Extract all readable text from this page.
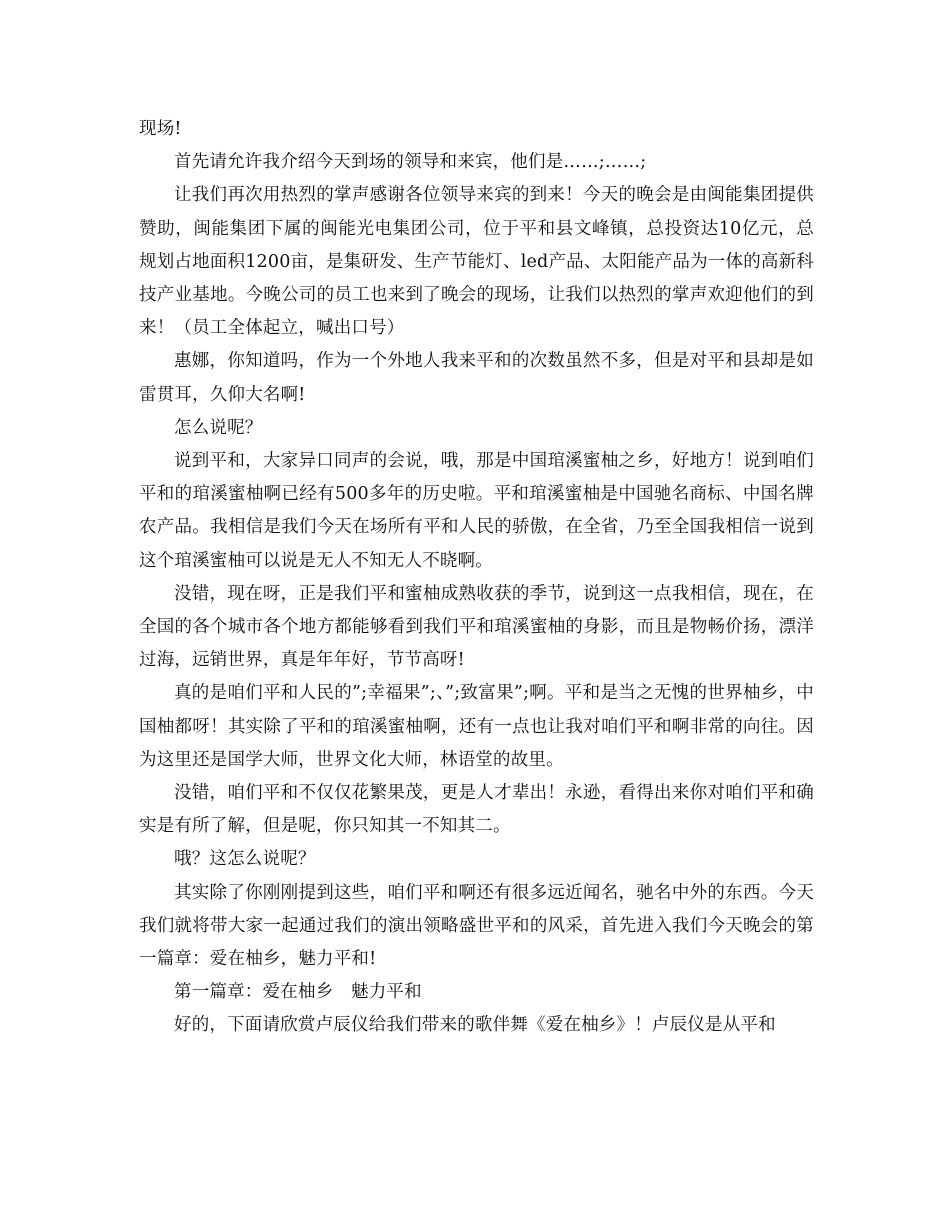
现场!

首先请允许我介绍今天到场的领导和来宾，他们是……;……;

让我们再次用热烈的掌声感谢各位领导来宾的到来！今天的晚会是由闽能集团提供赞助，闽能集团下属的闽能光电集团公司，位于平和县文峰镇，总投资达10亿元，总规划占地面积1200亩，是集研发、生产节能灯、led产品、太阳能产品为一体的高新科技产业基地。今晚公司的员工也来到了晚会的现场，让我们以热烈的掌声欢迎他们的到来！（员工全体起立，喊出口号）

惠娜，你知道吗，作为一个外地人我来平和的次数虽然不多，但是对平和县却是如雷贯耳，久仰大名啊!

怎么说呢？

说到平和，大家异口同声的会说，哦，那是中国琯溪蜜柚之乡，好地方！说到咱们平和的琯溪蜜柚啊已经有500多年的历史啦。平和琯溪蜜柚是中国驰名商标、中国名牌农产品。我相信是我们今天在场所有平和人民的骄傲，在全省，乃至全国我相信一说到这个琯溪蜜柚可以说是无人不知无人不晓啊。

没错，现在呀，正是我们平和蜜柚成熟收获的季节，说到这一点我相信，现在，在全国的各个城市各个地方都能够看到我们平和琯溪蜜柚的身影，而且是物畅价扬，漂洋过海，远销世界，真是年年好，节节高呀!

真的是咱们平和人民的”;幸福果”;、”;致富果”;啊。平和是当之无愧的世界柚乡，中国柚都呀！其实除了平和的琯溪蜜柚啊，还有一点也让我对咱们平和啊非常的向往。因为这里还是国学大师，世界文化大师，林语堂的故里。

没错，咱们平和不仅仅花繁果茂，更是人才辈出！永逊，看得出来你对咱们平和确实是有所了解，但是呢，你只知其一不知其二。

哦？这怎么说呢？

其实除了你刚刚提到这些，咱们平和啊还有很多远近闻名，驰名中外的东西。今天我们就将带大家一起通过我们的演出领略盛世平和的风采，首先进入我们今天晚会的第一篇章：爱在柚乡，魅力平和!

第一篇章：爱在柚乡　魅力平和

好的，下面请欣赏卢辰仪给我们带来的歌伴舞《爱在柚乡》！卢辰仪是从平和
